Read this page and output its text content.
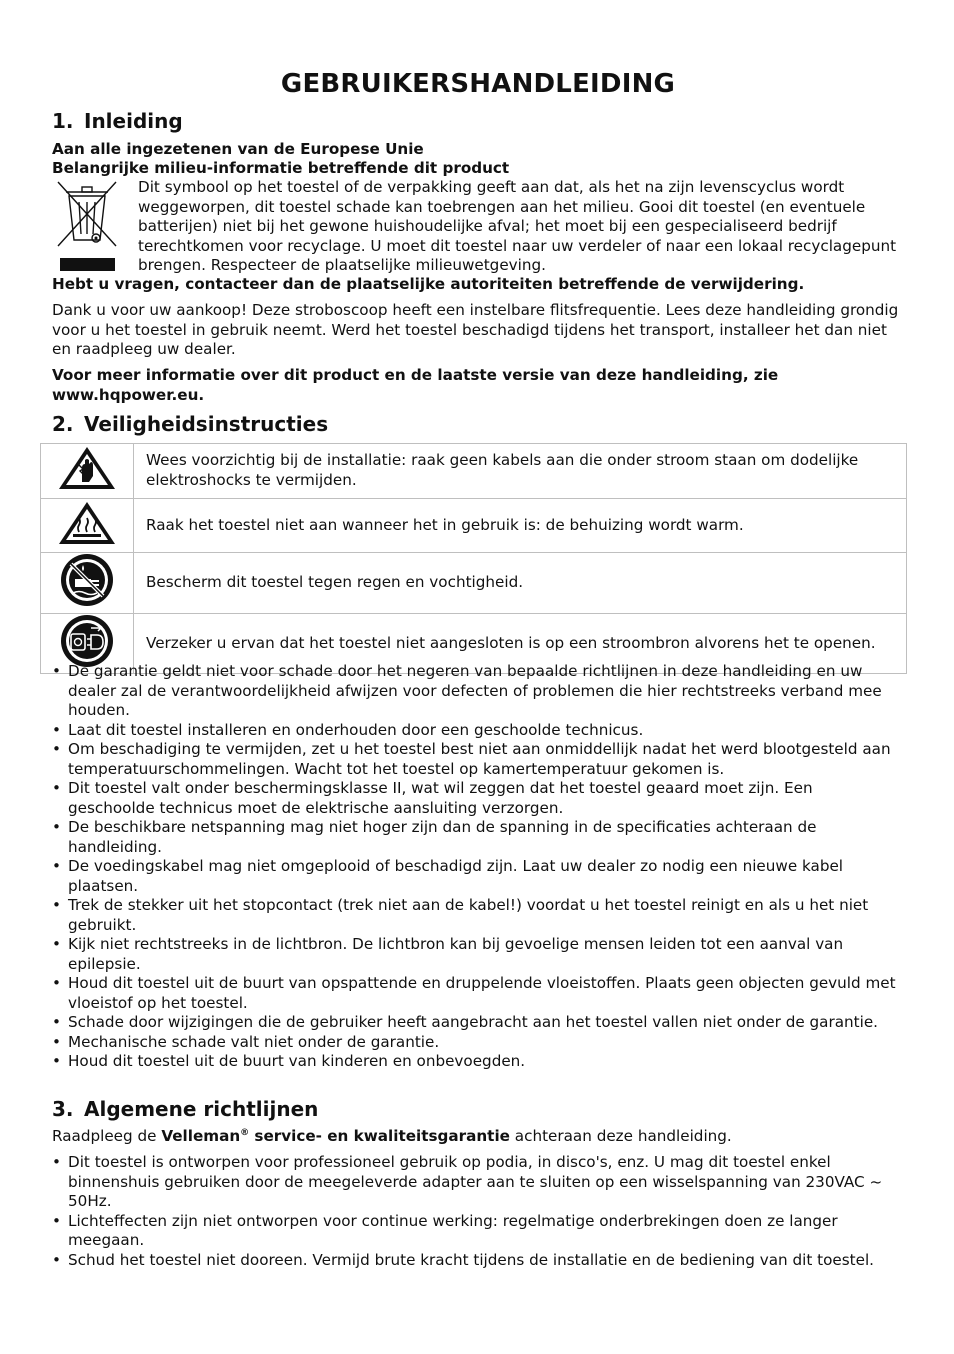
GEBRUIKERSHANDLEIDING
1. Inleiding
Aan alle ingezetenen van de Europese Unie
Belangrijke milieu-informatie betreffende dit product
Dit symbool op het toestel of de verpakking geeft aan dat, als het na zijn levenscyclus wordt weggeworpen, dit toestel schade kan toebrengen aan het milieu. Gooi dit toestel (en eventuele batterijen) niet bij het gewone huishoudelijke afval; het moet bij een gespecialiseerd bedrijf terechtkomen voor recyclage. U moet dit toestel naar uw verdeler of naar een lokaal recyclagepunt brengen. Respecteer de plaatselijke milieuwetgeving.
Hebt u vragen, contacteer dan de plaatselijke autoriteiten betreffende de verwijdering.
Dank u voor uw aankoop! Deze stroboscoop heeft een instelbare flitsfrequentie. Lees deze handleiding grondig voor u het toestel in gebruik neemt. Werd het toestel beschadigd tijdens het transport, installeer het dan niet en raadpleeg uw dealer.
Voor meer informatie over dit product en de laatste versie van deze handleiding, zie www.hqpower.eu.
2. Veiligheidsinstructies
	Wees voorzichtig bij de installatie: raak geen kabels aan die onder stroom staan om dodelijke elektroshocks te vermijden.
	Raak het toestel niet aan wanneer het in gebruik is: de behuizing wordt warm.
	Bescherm dit toestel tegen regen en vochtigheid.
	Verzeker u ervan dat het toestel niet aangesloten is op een stroombron alvorens het te openen.
• De garantie geldt niet voor schade door het negeren van bepaalde richtlijnen in deze handleiding en uw dealer zal de verantwoordelijkheid afwijzen voor defecten of problemen die hier rechtstreeks verband mee houden.
• Laat dit toestel installeren en onderhouden door een geschoolde technicus.
• Om beschadiging te vermijden, zet u het toestel best niet aan onmiddellijk nadat het werd blootgesteld aan temperatuurschommelingen. Wacht tot het toestel op kamertemperatuur gekomen is.
• Dit toestel valt onder beschermingsklasse II, wat wil zeggen dat het toestel geaard moet zijn. Een geschoolde technicus moet de elektrische aansluiting verzorgen.
• De beschikbare netspanning mag niet hoger zijn dan de spanning in de specificaties achteraan de handleiding.
• De voedingskabel mag niet omgeplooid of beschadigd zijn. Laat uw dealer zo nodig een nieuwe kabel plaatsen.
• Trek de stekker uit het stopcontact (trek niet aan de kabel!) voordat u het toestel reinigt en als u het niet gebruikt.
• Kijk niet rechtstreeks in de lichtbron. De lichtbron kan bij gevoelige mensen leiden tot een aanval van epilepsie.
• Houd dit toestel uit de buurt van opspattende en druppelende vloeistoffen. Plaats geen objecten gevuld met vloeistof op het toestel.
• Schade door wijzigingen die de gebruiker heeft aangebracht aan het toestel vallen niet onder de garantie.
• Mechanische schade valt niet onder de garantie.
• Houd dit toestel uit de buurt van kinderen en onbevoegden.
3. Algemene richtlijnen
Raadpleeg de Velleman® service- en kwaliteitsgarantie achteraan deze handleiding.
• Dit toestel is ontworpen voor professioneel gebruik op podia, in disco's, enz. U mag dit toestel enkel binnenshuis gebruiken door de meegeleverde adapter aan te sluiten op een wisselspanning van 230VAC ~ 50Hz.
• Lichteffecten zijn niet ontworpen voor continue werking: regelmatige onderbrekingen doen ze langer meegaan.
• Schud het toestel niet dooreen. Vermijd brute kracht tijdens de installatie en de bediening van dit toestel.
